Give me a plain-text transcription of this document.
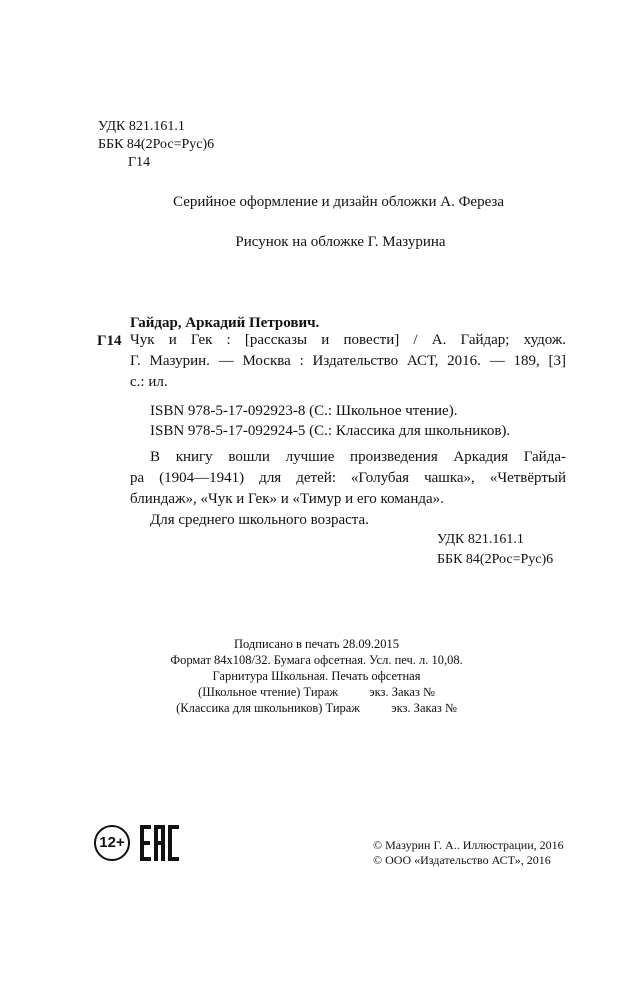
УДК 821.161.1
ББК 84(2Рос=Рус)6
Г14
Серийное оформление и дизайн обложки А. Фереза
Рисунок на обложке Г. Мазурина
Гайдар, Аркадий Петрович.
Г14 Чук и Гек : [рассказы и повести] / А. Гайдар; худож.
Г. Мазурин. — Москва : Издательство АСТ, 2016. — 189, [3]
с.: ил.
ISBN 978-5-17-092923-8 (С.: Школьное чтение).
ISBN 978-5-17-092924-5 (С.: Классика для школьников).
В книгу вошли лучшие произведения Аркадия Гайда-
ра (1904—1941) для детей: «Голубая чашка», «Четвёртый
блиндаж», «Чук и Гек» и «Тимур и его команда».
Для среднего школьного возраста.
УДК 821.161.1
ББК 84(2Рос=Рус)6
Подписано в печать 28.09.2015
Формат 84х108/32. Бумага офсетная. Усл. печ. л. 10,08.
Гарнитура Школьная. Печать офсетная
(Школьное чтение) Тираж          экз. Заказ №
(Классика для школьников) Тираж          экз. Заказ №
12+	© Мазурин Г. А.. Иллюстрации, 2016
© ООО «Издательство АСТ», 2016
